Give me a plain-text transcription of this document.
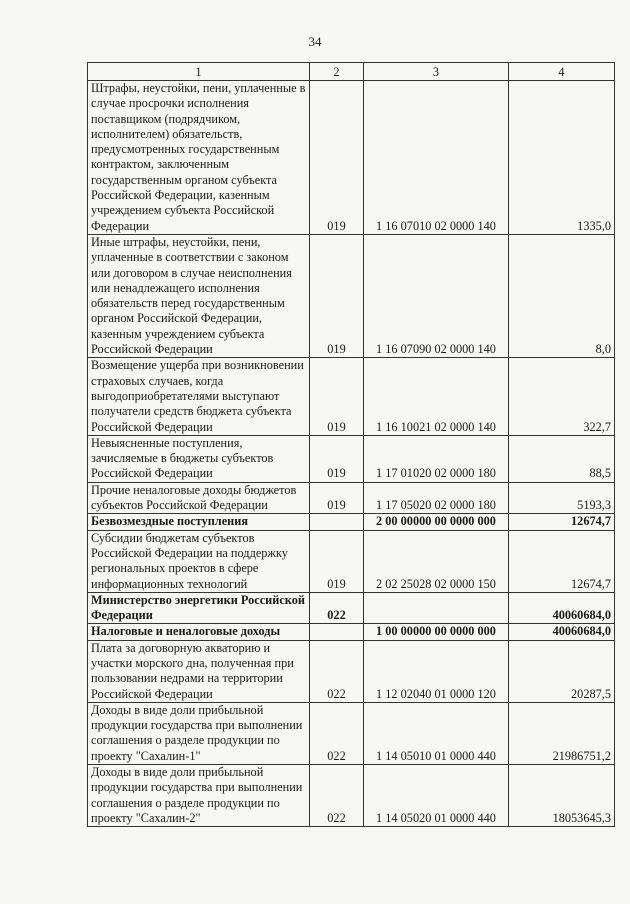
34
1	2	3	4
Штрафы, неустойки, пени, уплаченные в случае просрочки исполнения поставщиком (подрядчиком, исполнителем) обязательств, предусмотренных государственным контрактом, заключенным государственным органом субъекта Российской Федерации, казенным учреждением субъекта Российской Федерации	019	1 16 07010 02 0000 140	1335,0
Иные штрафы, неустойки, пени, уплаченные в соответствии с законом или договором в случае неисполнения или ненадлежащего исполнения обязательств перед государственным органом Российской Федерации, казенным учреждением субъекта Российской Федерации	019	1 16 07090 02 0000 140	8,0
Возмещение ущерба при возникновении страховых случаев, когда выгодоприобретателями выступают получатели средств бюджета субъекта Российской Федерации	019	1 16 10021 02 0000 140	322,7
Невыясненные поступления, зачисляемые в бюджеты субъектов Российской Федерации	019	1 17 01020 02 0000 180	88,5
Прочие неналоговые доходы бюджетов субъектов Российской Федерации	019	1 17 05020 02 0000 180	5193,3
Безвозмездные поступления		2 00 00000 00 0000 000	12674,7
Субсидии бюджетам субъектов Российской Федерации на поддержку региональных проектов в сфере информационных технологий	019	2 02 25028 02 0000 150	12674,7
Министерство энергетики Российской Федерации	022		40060684,0
Налоговые и неналоговые доходы		1 00 00000 00 0000 000	40060684,0
Плата за договорную акваторию и участки морского дна, полученная при пользовании недрами на территории Российской Федерации	022	1 12 02040 01 0000 120	20287,5
Доходы в виде доли прибыльной продукции государства при выполнении соглашения о разделе продукции по проекту "Сахалин-1"	022	1 14 05010 01 0000 440	21986751,2
Доходы в виде доли прибыльной продукции государства при выполнении соглашения о разделе продукции по проекту "Сахалин-2"	022	1 14 05020 01 0000 440	18053645,3
